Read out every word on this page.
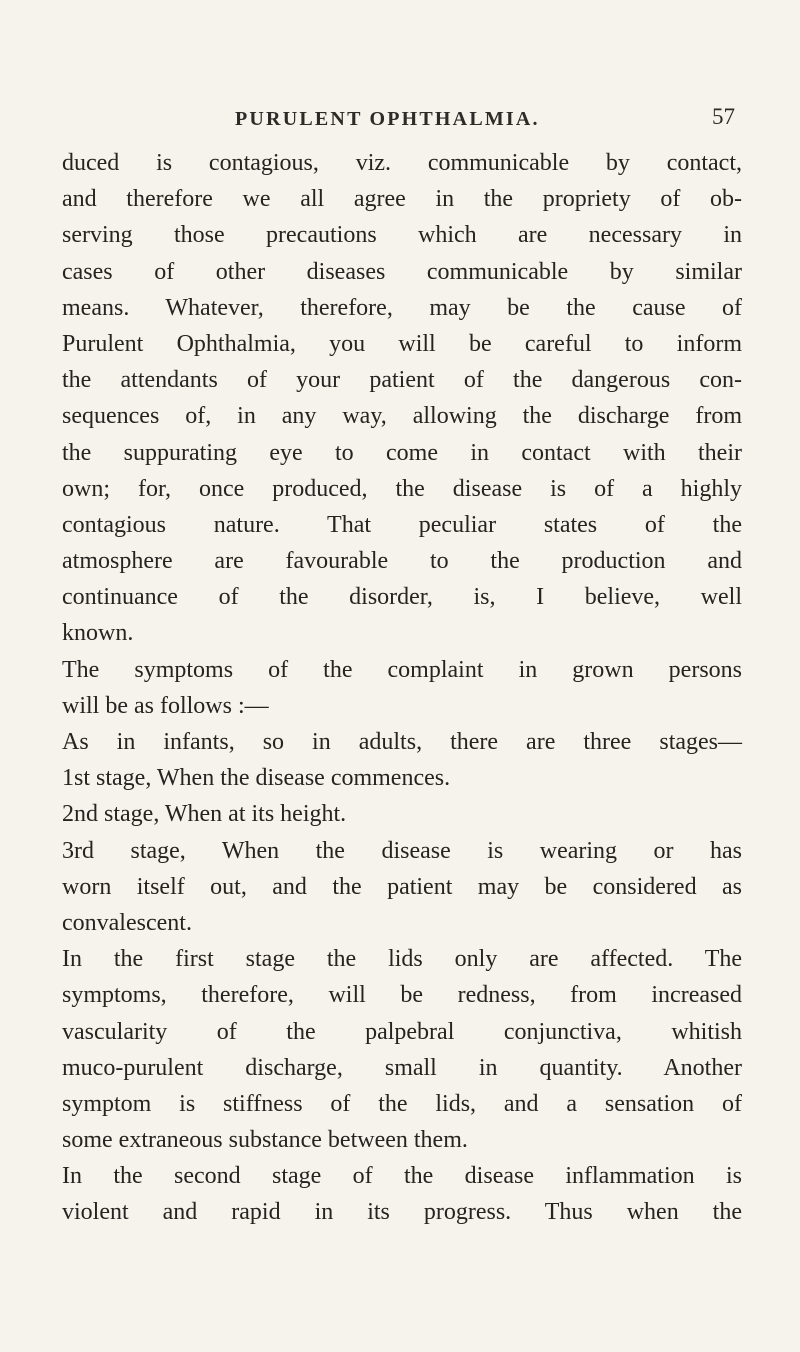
PURULENT OPHTHALMIA.	57
duced is contagious, viz. communicable by contact,
and therefore we all agree in the propriety of ob-
serving those precautions which are necessary in
cases of other diseases communicable by similar
means. Whatever, therefore, may be the cause of
Purulent Ophthalmia, you will be careful to inform
the attendants of your patient of the dangerous con-
sequences of, in any way, allowing the discharge from
the suppurating eye to come in contact with their
own; for, once produced, the disease is of a highly
contagious nature. That peculiar states of the
atmosphere are favourable to the production and
continuance of the disorder, is, I believe, well
known.
The symptoms of the complaint in grown persons
will be as follows :—
As in infants, so in adults, there are three stages—
1st stage, When the disease commences.
2nd stage, When at its height.
3rd stage, When the disease is wearing or has
worn itself out, and the patient may be considered as
convalescent.
In the first stage the lids only are affected. The
symptoms, therefore, will be redness, from increased
vascularity of the palpebral conjunctiva, whitish
muco-purulent discharge, small in quantity. Another
symptom is stiffness of the lids, and a sensation of
some extraneous substance between them.
In the second stage of the disease inflammation is
violent and rapid in its progress. Thus when the
